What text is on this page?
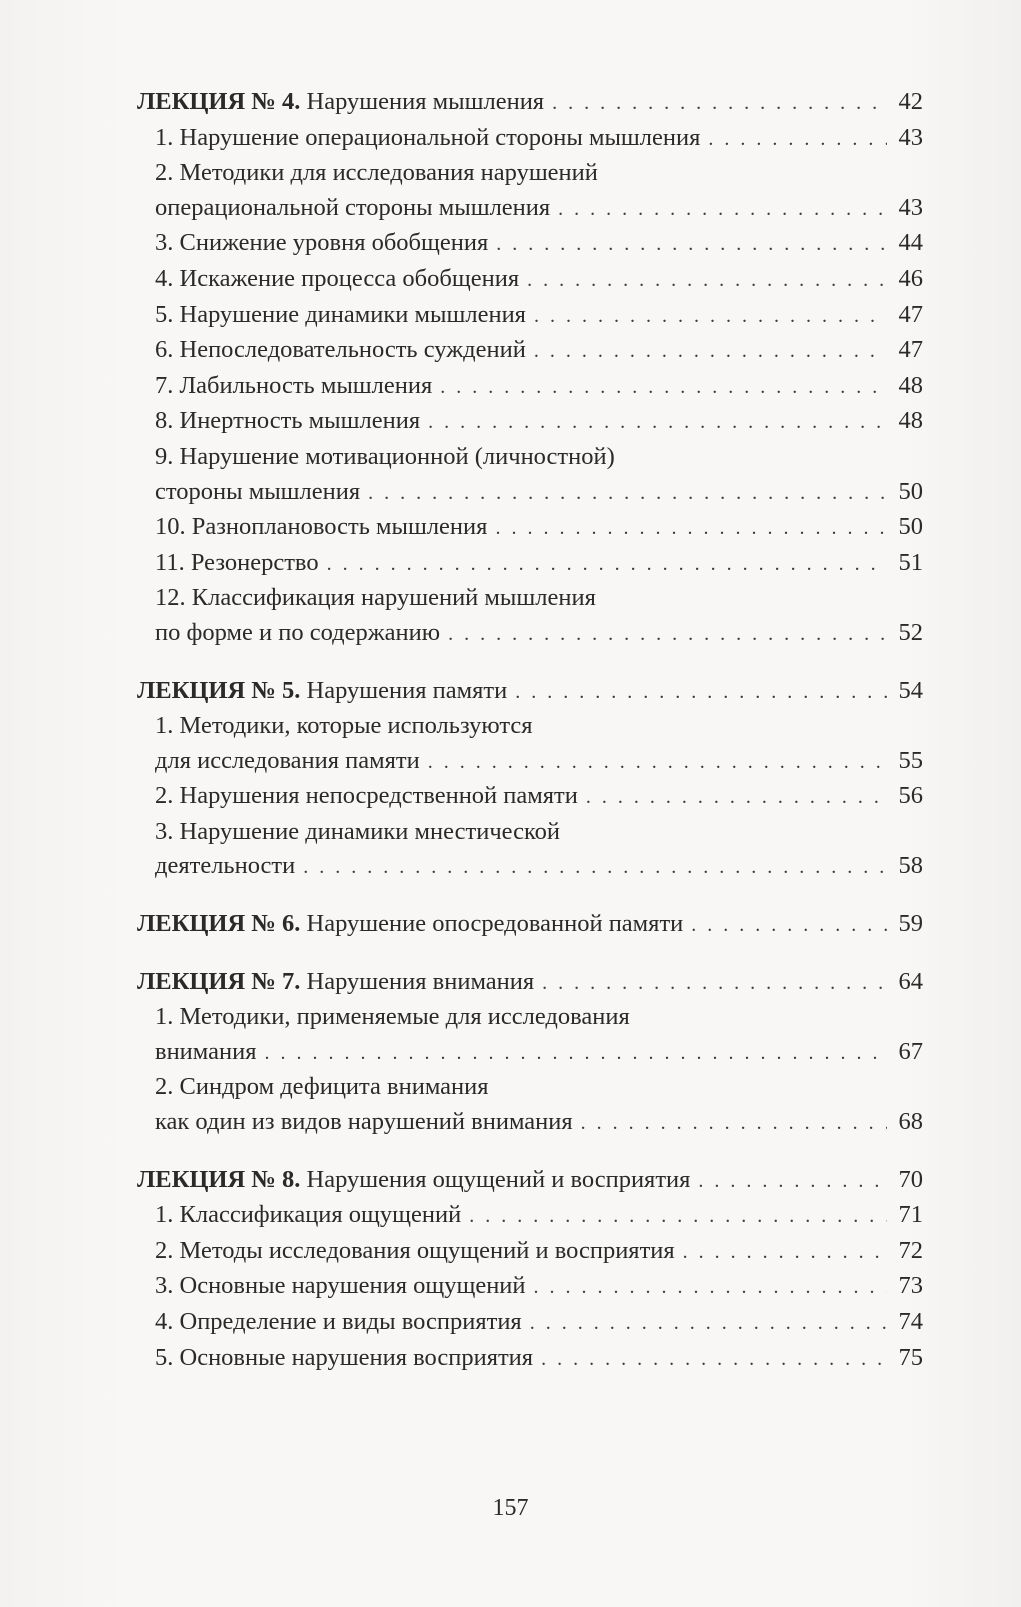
ЛЕКЦИЯ № 4. Нарушения мышления . . .	42
1. Нарушение операциональной стороны мышления . . .	43
2. Методики для исследования нарушений
операциональной стороны мышления . . .	43
3. Снижение уровня обобщения . . .	44
4. Искажение процесса обобщения . . .	46
5. Нарушение динамики мышления . . .	47
6. Непоследовательность суждений . . .	47
7. Лабильность мышления . . .	48
8. Инертность мышления . . .	48
9. Нарушение мотивационной (личностной)
стороны мышления . . .	50
10. Разноплановость мышления . . .	50
11. Резонерство . . .	51
12. Классификация нарушений мышления
по форме и по содержанию . . .	52
ЛЕКЦИЯ № 5. Нарушения памяти . . .	54
1. Методики, которые используются
для исследования памяти . . .	55
2. Нарушения непосредственной памяти . . .	56
3. Нарушение динамики мнестической
деятельности . . .	58
ЛЕКЦИЯ № 6. Нарушение опосредованной памяти . . .	59
ЛЕКЦИЯ № 7. Нарушения внимания . . .	64
1. Методики, применяемые для исследования
внимания . . .	67
2. Синдром дефицита внимания
как один из видов нарушений внимания . . .	68
ЛЕКЦИЯ № 8. Нарушения ощущений и восприятия . . .	70
1. Классификация ощущений . . .	71
2. Методы исследования ощущений и восприятия . . .	72
3. Основные нарушения ощущений . . .	73
4. Определение и виды восприятия . . .	74
5. Основные нарушения восприятия . . .	75
157
